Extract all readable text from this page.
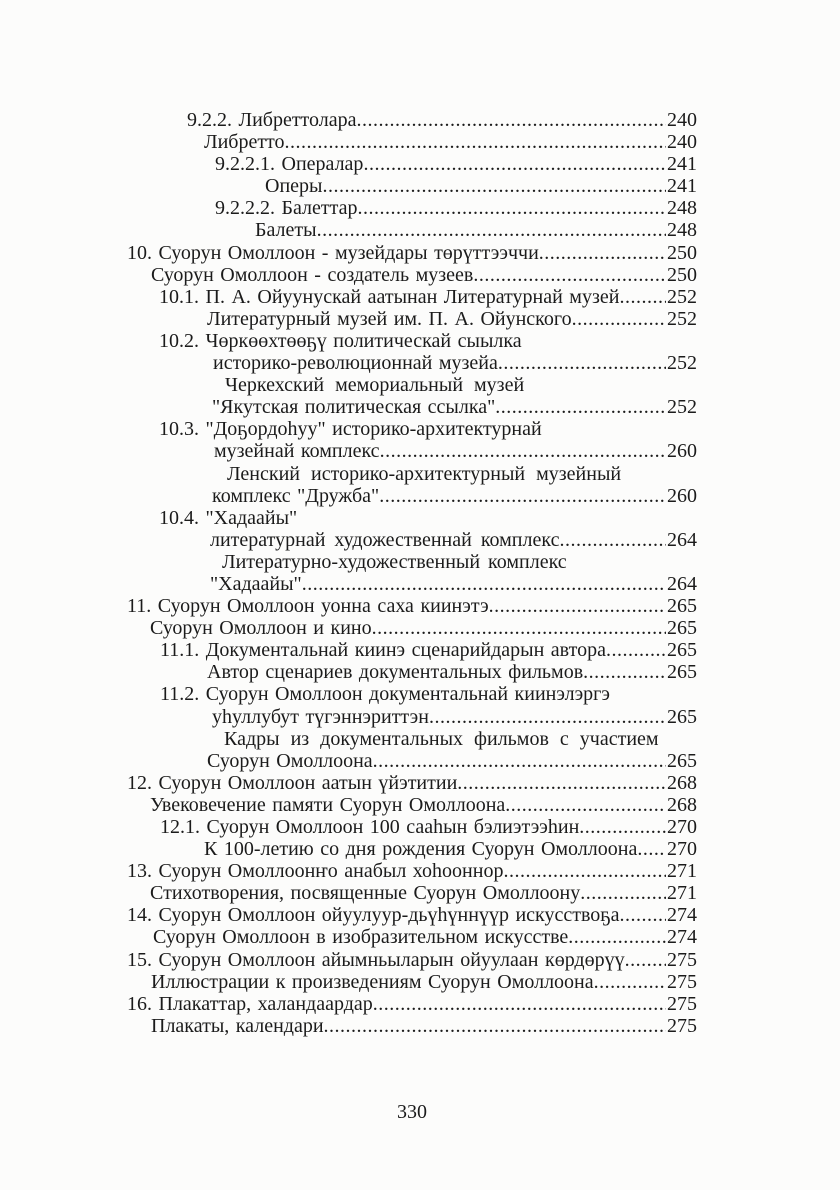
9.2.2. Либреттолара .....	240
Либретто .....	240
9.2.2.1. Опералар .....	241
Оперы .....	241
9.2.2.2. Балеттар .....	248
Балеты .....	248
10. Суорун Омоллоон - музейдары төрүттээччи .....	250
Суорун Омоллоон - создатель музеев .....	250
10.1. П. А. Ойуунускай аатынан Литературнай музей ..... 252
Литературный музей им. П. А. Ойунского .....	252
10.2. Чөркөөхтөөҕү политическай сыылка
историко-революционнай музейа .....	252
Черкехский мемориальный музей
"Якутская политическая ссылка" .....	252
10.3. "Доҕордоһуу" историко-архитектурнай
музейнай комплекс .....	260
Ленский историко-архитектурный музейный
комплекс "Дружба" .....	260
10.4. "Хадаайы"
литературнай художественнай комплекс .....	264
Литературно-художественный комплекс
"Хадаайы" .....	264
11. Суорун Омоллоон уонна саха киинэтэ .....	265
Суорун Омоллоон и кино .....	265
11.1. Документальнай киинэ сценарийдарын автора .....	265
Автор сценариев документальных фильмов .....	265
11.2. Суорун Омоллоон документальнай киинэлэргэ
уһуллубут түгэннэриттэн .....	265
Кадры из документальных фильмов с участием
Суорун Омоллоона .....	265
12. Суорун Омоллоон аатын үйэтитии .....	268
Увековечение памяти Суорун Омоллоона .....	268
12.1. Суорун Омоллоон 100 сааһын бэлиэтээһин .....	270
К 100-летию со дня рождения Суорун Омоллоона ..... 270
13. Суорун Омоллоонҥо анабыл хоһооннор .....	271
Стихотворения, посвященные Суорун Омоллоону .....	271
14. Суорун Омоллоон ойуулуур-дьүһүннүүр искусствоҕа ..... 274
Суорун Омоллоон в изобразительном искусстве .....	274
15. Суорун Омоллоон айымньыларын ойуулаан көрдөрүү ..... 275
Иллюстрации к произведениям Суорун Омоллоона .....	275
16. Плакаттар, халандаардар .....	275
Плакаты, календари .....	275
330
